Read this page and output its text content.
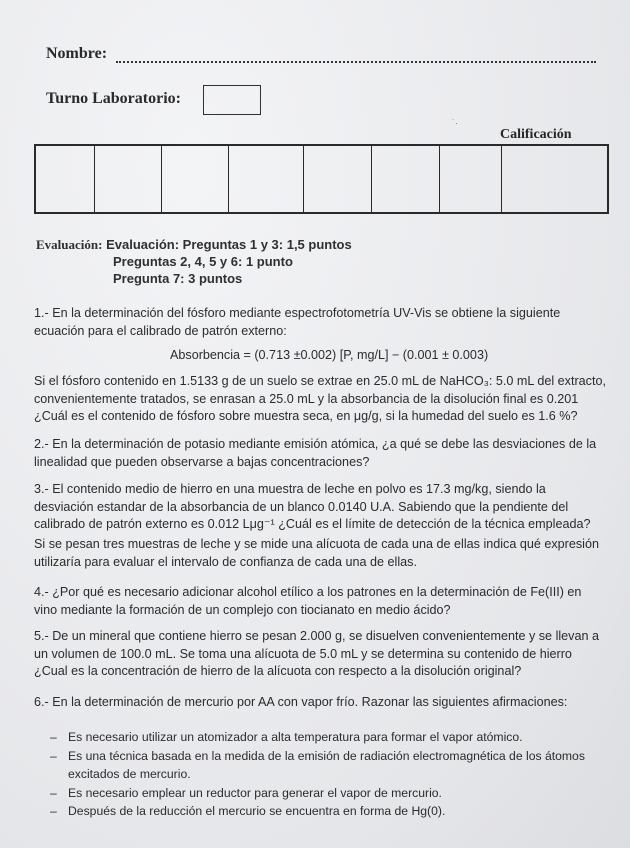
Nombre:
Turno Laboratorio:
˙·
Calificación
Evaluación: Evaluación: Preguntas 1 y 3: 1,5 puntos
Preguntas 2, 4, 5 y 6: 1 punto
Pregunta 7: 3 puntos
1.- En la determinación del fósforo mediante espectrofotometría UV-Vis se obtiene la siguiente ecuación para el calibrado de patrón externo:
Absorbencia = (0.713 ±0.002) [P, mg/L] − (0.001 ± 0.003)
Si el fósforo contenido en 1.5133 g de un suelo se extrae en 25.0 mL de NaHCO₃: 5.0 mL del extracto, convenientemente tratados, se enrasan a 25.0 mL y la absorbancia de la disolución final es 0.201 ¿Cuál es el contenido de fósforo sobre muestra seca, en μg/g, si la humedad del suelo es 1.6 %?
2.- En la determinación de potasio mediante emisión atómica, ¿a qué se debe las desviaciones de la linealidad que pueden observarse a bajas concentraciones?
3.- El contenido medio de hierro en una muestra de leche en polvo es 17.3 mg/kg, siendo la desviación estandar de la absorbancia de un blanco 0.0140 U.A. Sabiendo que la pendiente del calibrado de patrón externo es 0.012 Lμg⁻¹ ¿Cuál es el límite de detección de la técnica empleada?
Si se pesan tres muestras de leche y se mide una alícuota de cada una de ellas indica qué expresión utilizaría para evaluar el intervalo de confianza de cada una de ellas.
4.- ¿Por qué es necesario adicionar alcohol etílico a los patrones en la determinación de Fe(III) en vino mediante la formación de un complejo con tiocianato en medio ácido?
5.- De un mineral que contiene hierro se pesan 2.000 g, se disuelven convenientemente y se llevan a un volumen de 100.0 mL. Se toma una alícuota de 5.0 mL y se determina su contenido de hierro ¿Cual es la concentración de hierro de la alícuota con respecto a la disolución original?
6.- En la determinación de mercurio por AA con vapor frío. Razonar las siguientes afirmaciones:
– Es necesario utilizar un atomizador a alta temperatura para formar el vapor atómico.
– Es una técnica basada en la medida de la emisión de radiación electromagnética de los átomos excitados de mercurio.
– Es necesario emplear un reductor para generar el vapor de mercurio.
– Después de la reducción el mercurio se encuentra en forma de Hg(0).
